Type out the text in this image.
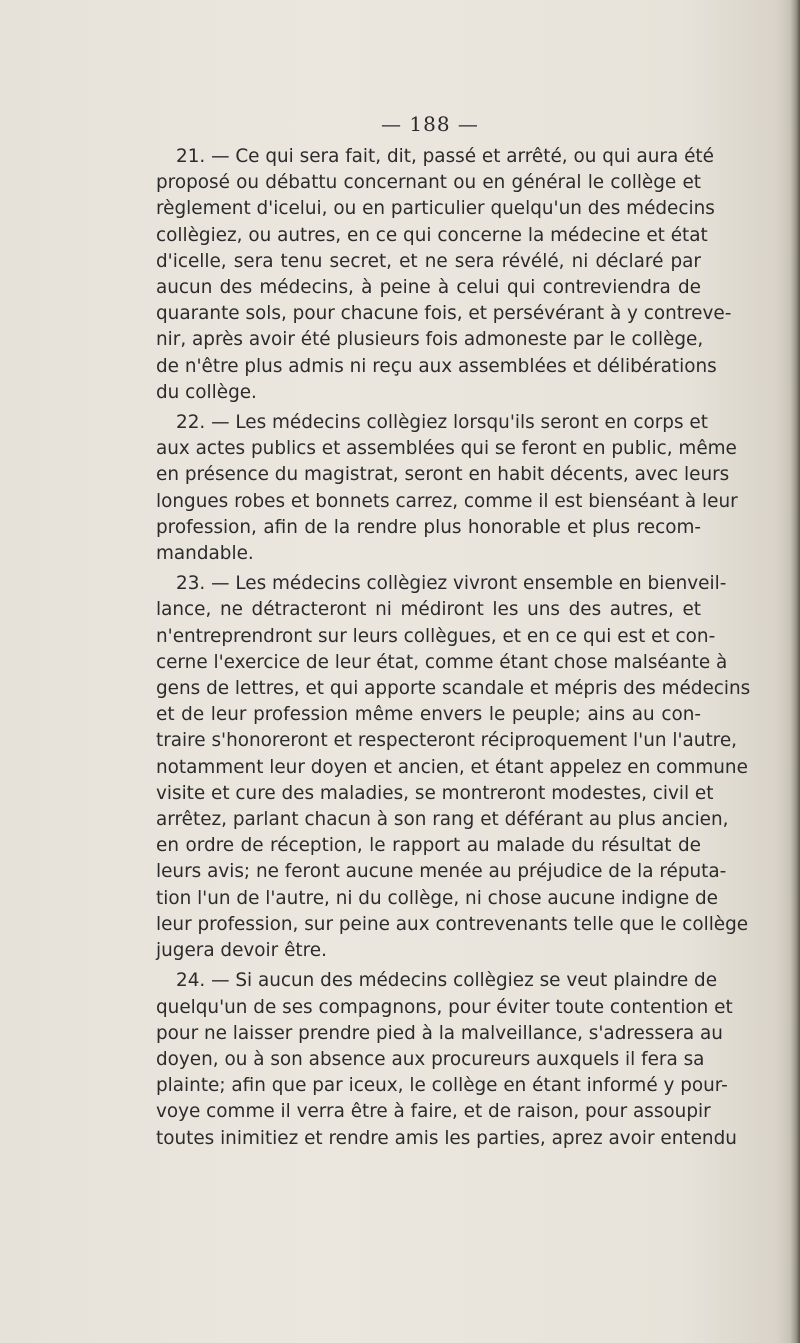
— 188 —
21. — Ce qui sera fait, dit, passé et arrêté, ou qui aura été
proposé ou débattu concernant ou en général le collège et
règlement d'icelui, ou en particulier quelqu'un des médecins
collègiez, ou autres, en ce qui concerne la médecine et état
d'icelle, sera tenu secret, et ne sera révélé, ni déclaré par
aucun des médecins, à peine à celui qui contreviendra de
quarante sols, pour chacune fois, et persévérant à y contreve-
nir, après avoir été plusieurs fois admoneste par le collège,
de n'être plus admis ni reçu aux assemblées et délibérations
du collège.
22. — Les médecins collègiez lorsqu'ils seront en corps et
aux actes publics et assemblées qui se feront en public, même
en présence du magistrat, seront en habit décents, avec leurs
longues robes et bonnets carrez, comme il est bienséant à leur
profession, afin de la rendre plus honorable et plus recom-
mandable.
23. — Les médecins collègiez vivront ensemble en bienveil-
lance, ne détracteront ni médiront les uns des autres, et
n'entreprendront sur leurs collègues, et en ce qui est et con-
cerne l'exercice de leur état, comme étant chose malséante à
gens de lettres, et qui apporte scandale et mépris des médecins
et de leur profession même envers le peuple; ains au con-
traire s'honoreront et respecteront réciproquement l'un l'autre,
notamment leur doyen et ancien, et étant appelez en commune
visite et cure des maladies, se montreront modestes, civil et
arrêtez, parlant chacun à son rang et déférant au plus ancien,
en ordre de réception, le rapport au malade du résultat de
leurs avis; ne feront aucune menée au préjudice de la réputa-
tion l'un de l'autre, ni du collège, ni chose aucune indigne de
leur profession, sur peine aux contrevenants telle que le collège
jugera devoir être.
24. — Si aucun des médecins collègiez se veut plaindre de
quelqu'un de ses compagnons, pour éviter toute contention et
pour ne laisser prendre pied à la malveillance, s'adressera au
doyen, ou à son absence aux procureurs auxquels il fera sa
plainte; afin que par iceux, le collège en étant informé y pour-
voye comme il verra être à faire, et de raison, pour assoupir
toutes inimitiez et rendre amis les parties, aprez avoir entendu
